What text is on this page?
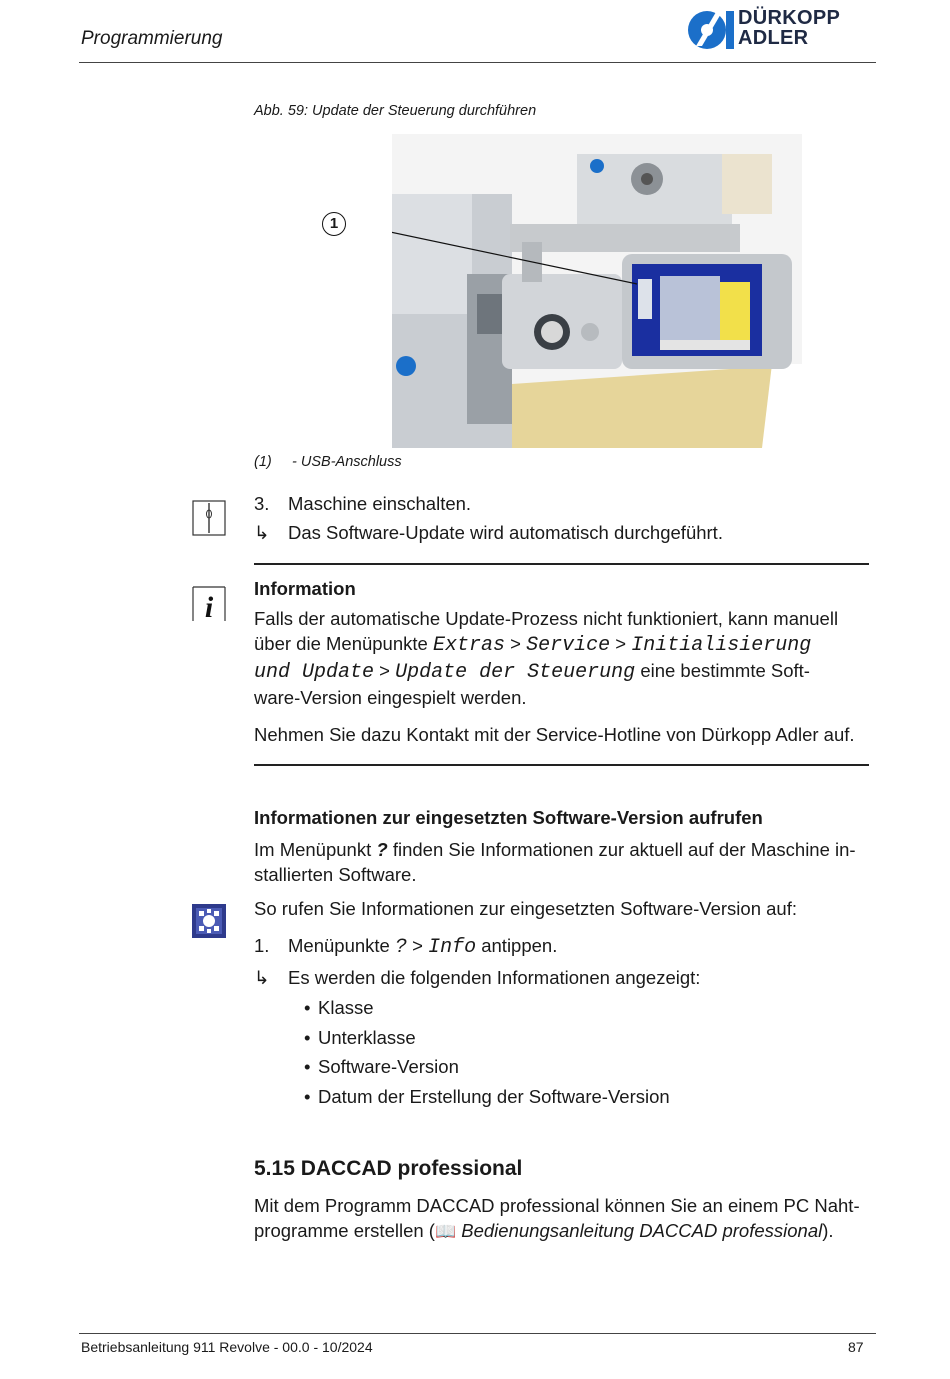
Programmierung
DÜRKOPP
ADLER
Abb. 59: Update der Steuerung durchführen
1
(1) - USB-Anschluss
3. Maschine einschalten.
↳ Das Software-Update wird automatisch durchgeführt.
i
Information
Falls der automatische Update-Prozess nicht funktioniert, kann manuell
über die Menüpunkte Extras > Service > Initialisierung
und Update > Update der Steuerung eine bestimmte Soft-
ware-Version eingespielt werden.
Nehmen Sie dazu Kontakt mit der Service-Hotline von Dürkopp Adler auf.
Informationen zur eingesetzten Software-Version aufrufen
Im Menüpunkt ? finden Sie Informationen zur aktuell auf der Maschine in-
stallierten Software.
So rufen Sie Informationen zur eingesetzten Software-Version auf:
1. Menüpunkte ? > Info antippen.
↳ Es werden die folgenden Informationen angezeigt:
• Klasse
• Unterklasse
• Software-Version
• Datum der Erstellung der Software-Version
5.15 DACCAD professional
Mit dem Programm DACCAD professional können Sie an einem PC Naht-
programme erstellen (📖 Bedienungsanleitung DACCAD professional).
Betriebsanleitung 911 Revolve - 00.0 - 10/2024	87
